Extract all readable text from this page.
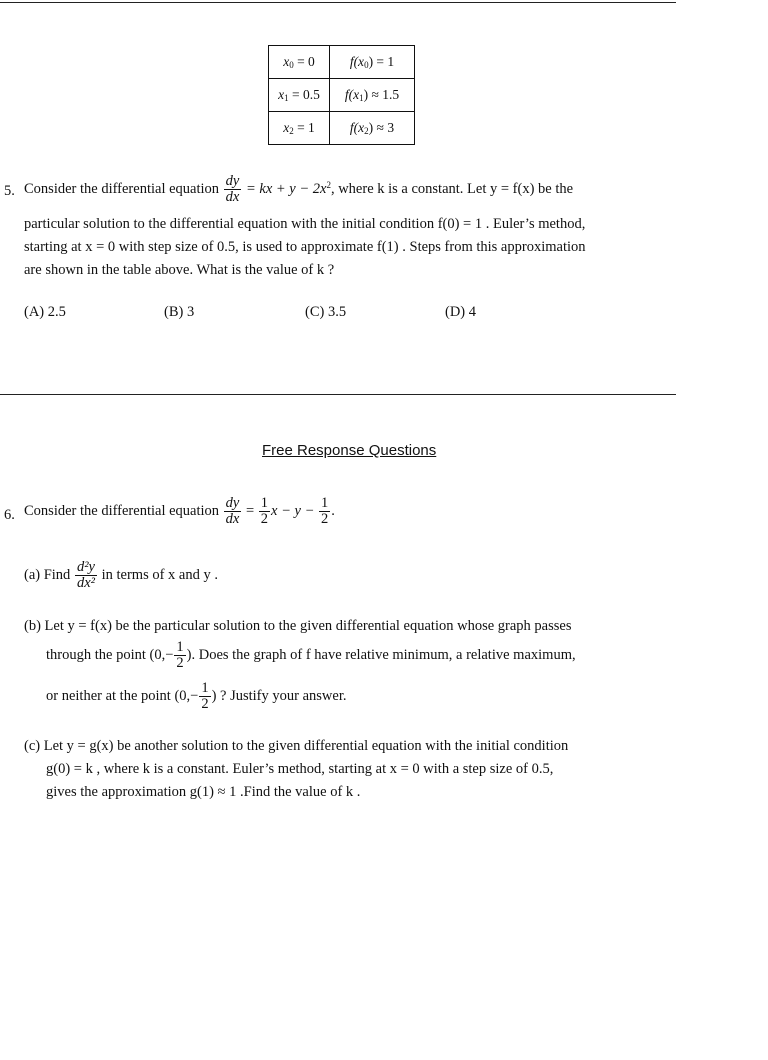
$x_0 = 0$	$f(x_0) = 1$
$x_1 = 0.5$	$f(x_1) \approx 1.5$
$x_2 = 1$	$f(x_2) \approx 3$
5. Consider the differential equation $\frac{dy}{dx}$ = kx + $y - 2x^2$, where k is a constant. Let y = f(x) be the
particular solution to the differential equation with the initial condition f(0) = 1 . Euler’s method,
starting at x = 0 with step size of 0.5, is used to approximate f(1) . Steps from this approximation
are shown in the table above. What is the value of k ?
(A) 2.5	(B) 3	(C) 3.5	(D) 4
Free Response Questions
6. Consider the differential equation $\frac{dy}{dx} = \frac{1}{2}$ $x - y - \frac{1}{2}$ .
(a) Find $\frac{\text{d²y}}{\text{dx²}}$ in terms of x and y .
(b) Let y = f(x) be the particular solution to the given differential equation whose graph passes
through the point ($0,- \frac{1}{2}$ ). Does the graph of f have relative minimum, a relative maximum,
or neither at the point ($0,- \frac{1}{2}$ ) ? Justify your answer.
(c) Let y = g(x) be another solution to the given differential equation with the initial condition
g(0) = k , where k is a constant. Euler’s method, starting at x = 0 with a step size of 0.5,
gives the approximation g(1) ≈ 1 .Find the value of k .
